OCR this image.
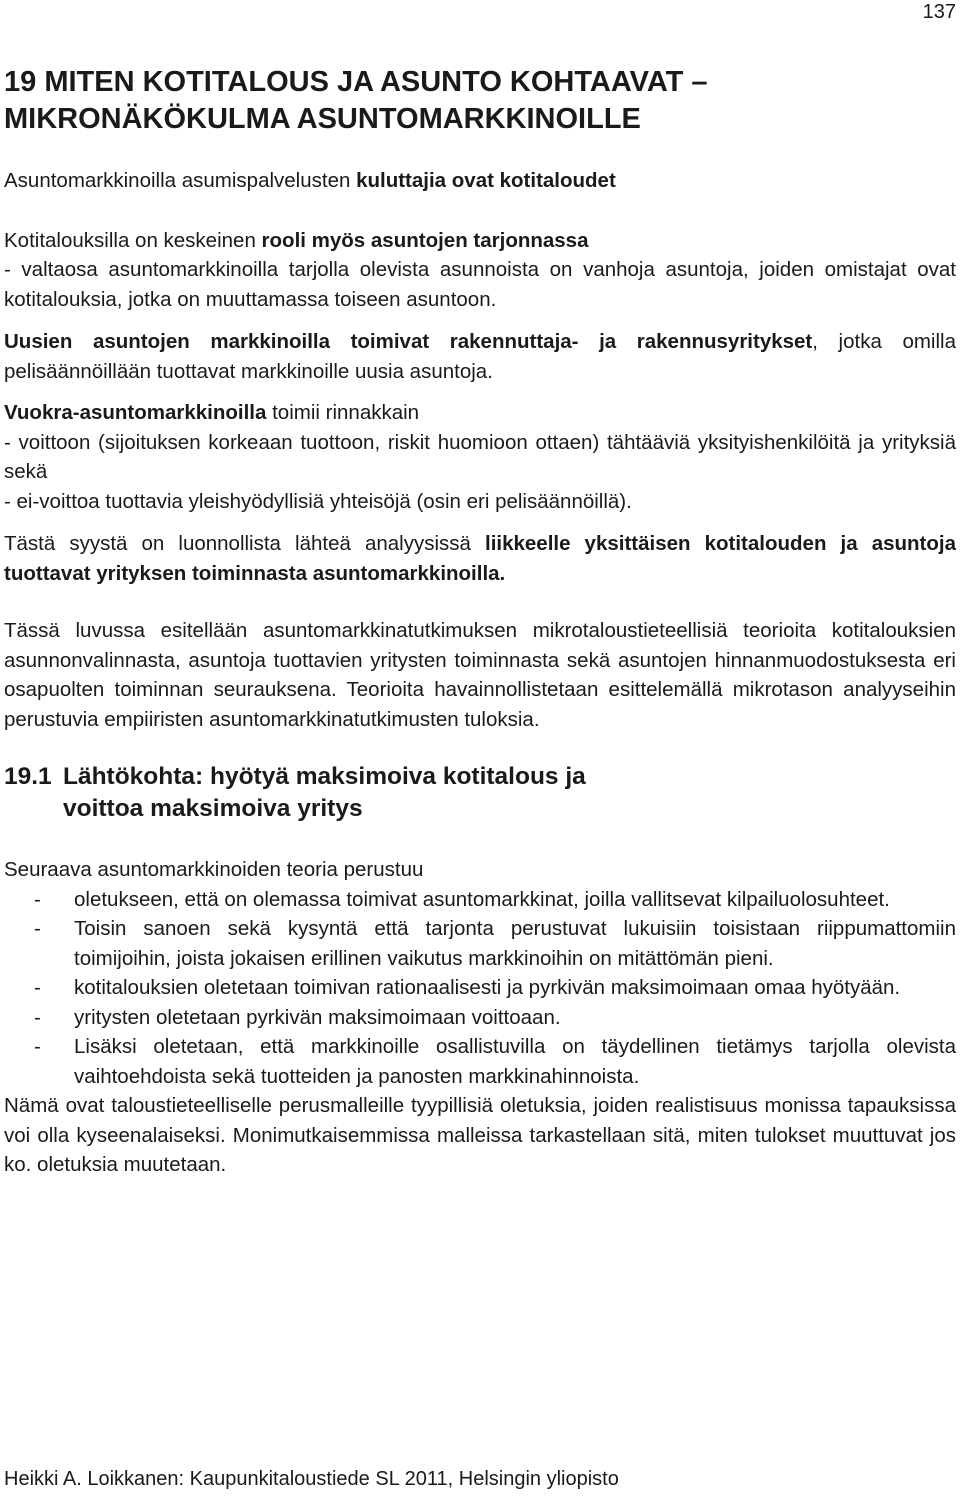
137
19 MITEN KOTITALOUS JA ASUNTO KOHTAAVAT –
MIKRONÄKÖKULMA ASUNTOMARKKINOILLE

Asuntomarkkinoilla asumispalvelusten kuluttajia ovat kotitaloudet

Kotitalouksilla on keskeinen rooli myös asuntojen tarjonnassa
- valtaosa asuntomarkkinoilla tarjolla olevista asunnoista on vanhoja asuntoja, joiden omistajat ovat kotitalouksia, jotka on muuttamassa toiseen asuntoon.

Uusien asuntojen markkinoilla toimivat rakennuttaja- ja rakennusyritykset, jotka omilla pelisäännöillään tuottavat markkinoille uusia asuntoja.

Vuokra-asuntomarkkinoilla toimii rinnakkain
- voittoon (sijoituksen korkeaan tuottoon, riskit huomioon ottaen) tähtääviä yksityishenkilöitä ja yrityksiä sekä
- ei-voittoa tuottavia yleishyödyllisiä yhteisöjä (osin eri pelisäännöillä).

Tästä syystä on luonnollista lähteä analyysissä liikkeelle yksittäisen kotitalouden ja asuntoja tuottavat yrityksen toiminnasta asuntomarkkinoilla.

Tässä luvussa esitellään asuntomarkkinatutkimuksen mikrotaloustieteellisiä teorioita kotitalouksien asunnonvalinnasta, asuntoja tuottavien yritysten toiminnasta sekä asuntojen hinnanmuodostuksesta eri osapuolten toiminnan seurauksena. Teorioita havainnollistetaan esittelemällä mikrotason analyyseihin perustuvia empiiristen asuntomarkkinatutkimusten tuloksia.

19.1 Lähtökohta: hyötyä maksimoiva kotitalous ja voittoa maksimoiva yritys

Seuraava asuntomarkkinoiden teoria perustuu

-	oletukseen, että on olemassa toimivat asuntomarkkinat, joilla vallitsevat kilpailuolosuhteet.
-	Toisin sanoen sekä kysyntä että tarjonta perustuvat lukuisiin toisistaan riippumattomiin toimijoihin, joista jokaisen erillinen vaikutus markkinoihin on mitättömän pieni.
-	kotitalouksien oletetaan toimivan rationaalisesti ja pyrkivän maksimoimaan omaa hyötyään.
-	yritysten oletetaan pyrkivän maksimoimaan voittoaan.
-	Lisäksi oletetaan, että markkinoille osallistuvilla on täydellinen tietämys tarjolla olevista vaihtoehdoista sekä tuotteiden ja panosten markkinahinnoista.

Nämä ovat taloustieteelliselle perusmalleille tyypillisiä oletuksia, joiden realistisuus monissa tapauksissa voi olla kyseenalaiseksi. Monimutkaisemmissa malleissa tarkastellaan sitä, miten tulokset muuttuvat jos ko. oletuksia muutetaan.

Heikki A. Loikkanen: Kaupunkitaloustiede SL 2011, Helsingin yliopisto
